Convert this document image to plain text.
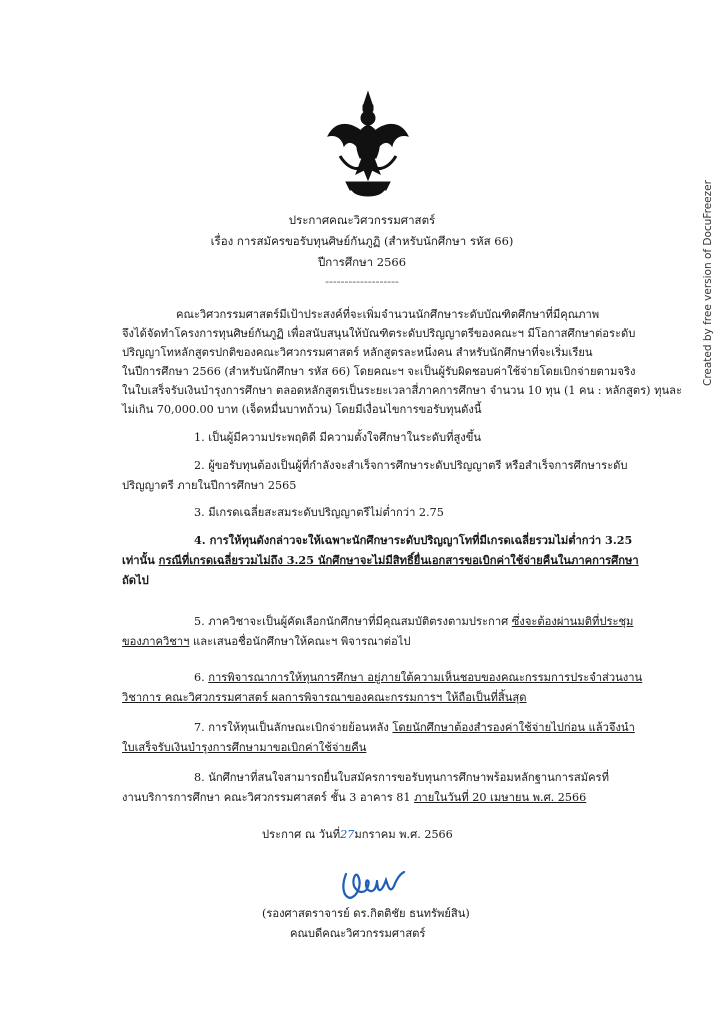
Created by free version of DocuFreezer
ประกาศคณะวิศวกรรมศาสตร์
เรื่อง การสมัครขอรับทุนศิษย์กันภูฏิ (สำหรับนักศึกษา รหัส 66)
ปีการศึกษา 2566
-------------------
คณะวิศวกรรมศาสตร์มีเป้าประสงค์ที่จะเพิ่มจำนวนนักศึกษาระดับบัณฑิตศึกษาที่มีคุณภาพ
จึงได้จัดทำโครงการทุนศิษย์กันภูฏิ เพื่อสนับสนุนให้บัณฑิตระดับปริญญาตรีของคณะฯ มีโอกาสศึกษาต่อระดับ
ปริญญาโทหลักสูตรปกติของคณะวิศวกรรมศาสตร์ หลักสูตรละหนึ่งคน สำหรับนักศึกษาที่จะเริ่มเรียน
ในปีการศึกษา 2566 (สำหรับนักศึกษา รหัส 66) โดยคณะฯ จะเป็นผู้รับผิดชอบค่าใช้จ่ายโดยเบิกจ่ายตามจริง
ในใบเสร็จรับเงินบำรุงการศึกษา ตลอดหลักสูตรเป็นระยะเวลาสี่ภาคการศึกษา จำนวน 10 ทุน (1 คน : หลักสูตร) ทุนละ
ไม่เกิน 70,000.00 บาท (เจ็ดหมื่นบาทถ้วน) โดยมีเงื่อนไขการขอรับทุนดังนี้
1. เป็นผู้มีความประพฤติดี มีความตั้งใจศึกษาในระดับที่สูงขึ้น
2. ผู้ขอรับทุนต้องเป็นผู้ที่กำลังจะสำเร็จการศึกษาระดับปริญญาตรี หรือสำเร็จการศึกษาระดับ
ปริญญาตรี ภายในปีการศึกษา 2565
3. มีเกรดเฉลี่ยสะสมระดับปริญญาตรีไม่ต่ำกว่า 2.75
4. การให้ทุนดังกล่าวจะให้เฉพาะนักศึกษาระดับปริญญาโทที่มีเกรดเฉลี่ยรวมไม่ต่ำกว่า 3.25
เท่านั้น กรณีที่เกรดเฉลี่ยรวมไม่ถึง 3.25 นักศึกษาจะไม่มีสิทธิ์ยื่นเอกสารขอเบิกค่าใช้จ่ายคืนในภาคการศึกษา
ถัดไป
5. ภาควิชาจะเป็นผู้คัดเลือกนักศึกษาที่มีคุณสมบัติตรงตามประกาศ ซึ่งจะต้องผ่านมติที่ประชุม
ของภาควิชาฯ และเสนอชื่อนักศึกษาให้คณะฯ พิจารณาต่อไป
6. การพิจารณาการให้ทุนการศึกษา อยู่ภายใต้ความเห็นชอบของคณะกรรมการประจำส่วนงาน
วิชาการ คณะวิศวกรรมศาสตร์ ผลการพิจารณาของคณะกรรมการฯ ให้ถือเป็นที่สิ้นสุด
7. การให้ทุนเป็นลักษณะเบิกจ่ายย้อนหลัง โดยนักศึกษาต้องสำรองค่าใช้จ่ายไปก่อน แล้วจึงนำ
ใบเสร็จรับเงินบำรุงการศึกษามาขอเบิกค่าใช้จ่ายคืน
8. นักศึกษาที่สนใจสามารถยื่นใบสมัครการขอรับทุนการศึกษาพร้อมหลักฐานการสมัครที่
งานบริการการศึกษา คณะวิศวกรรมศาสตร์ ชั้น 3 อาคาร 81 ภายในวันที่ 20 เมษายน พ.ศ. 2566
ประกาศ ณ วันที่27มกราคม พ.ศ. 2566
(รองศาสตราจารย์ ดร.กิตติชัย ธนทรัพย์สิน)
คณบดีคณะวิศวกรรมศาสตร์
